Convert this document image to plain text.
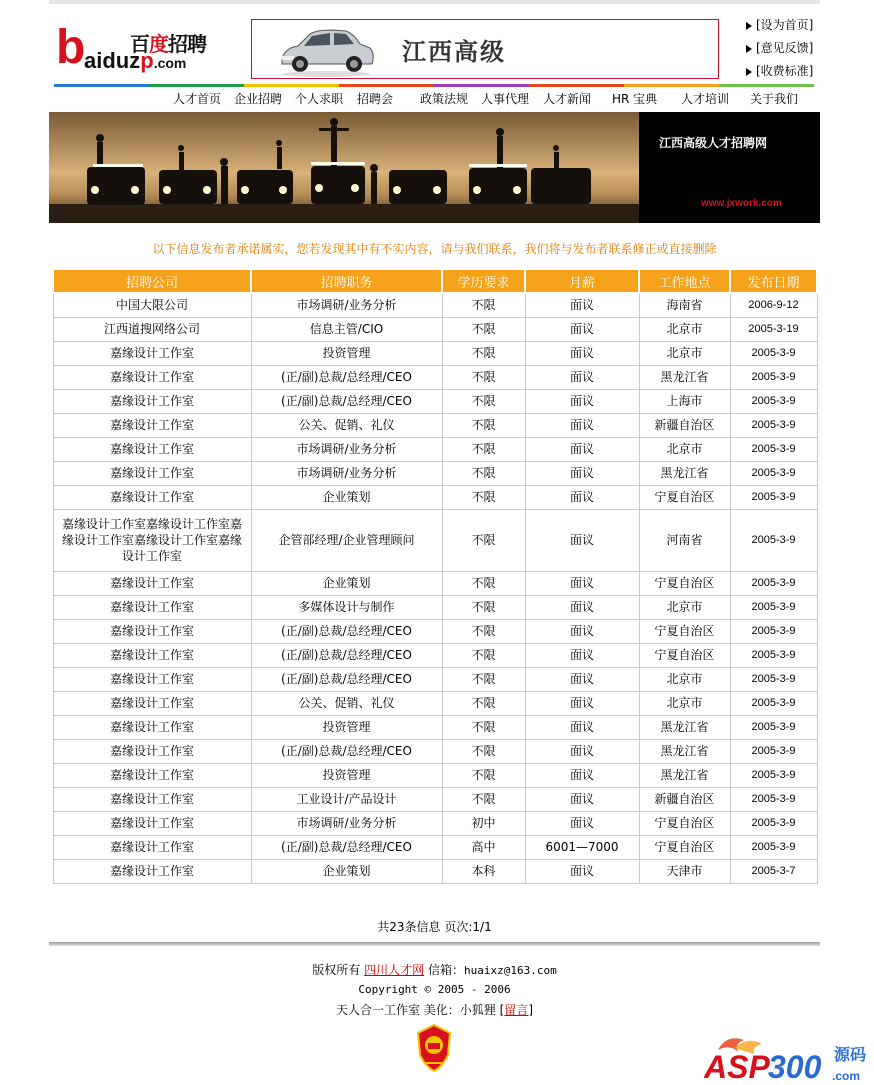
b 百度招聘
aiduzp.com	江西高级
[设为首页]
[意见反馈]
[收费标准]
人才首页 企业招聘 个人求职 招聘会 政策法规 人事代理 人才新闻 HR 宝典 人才培训 关于我们
江西高级人才招聘网
www.jxwork.com
以下信息发布者承诺属实，您若发现其中有不实内容，请与我们联系，我们将与发布者联系修正或直接删除
招聘公司	招聘职务	学历要求	月薪	工作地点	发布日期
中国大限公司	市场调研/业务分析	不限	面议	海南省	2006-9-12
江西道搜网络公司	信息主管/CIO	不限	面议	北京市	2005-3-19
嘉缘设计工作室	投资管理	不限	面议	北京市	2005-3-9
嘉缘设计工作室	(正/副)总裁/总经理/CEO	不限	面议	黑龙江省	2005-3-9
嘉缘设计工作室	(正/副)总裁/总经理/CEO	不限	面议	上海市	2005-3-9
嘉缘设计工作室	公关、促销、礼仪	不限	面议	新疆自治区	2005-3-9
嘉缘设计工作室	市场调研/业务分析	不限	面议	北京市	2005-3-9
嘉缘设计工作室	市场调研/业务分析	不限	面议	黑龙江省	2005-3-9
嘉缘设计工作室	企业策划	不限	面议	宁夏自治区	2005-3-9
嘉缘设计工作室嘉缘设计工作室嘉缘设计工作室嘉缘设计工作室嘉缘设计工作室	企管部经理/企业管理顾问	不限	面议	河南省	2005-3-9
嘉缘设计工作室	企业策划	不限	面议	宁夏自治区	2005-3-9
嘉缘设计工作室	多媒体设计与制作	不限	面议	北京市	2005-3-9
嘉缘设计工作室	(正/副)总裁/总经理/CEO	不限	面议	宁夏自治区	2005-3-9
嘉缘设计工作室	(正/副)总裁/总经理/CEO	不限	面议	宁夏自治区	2005-3-9
嘉缘设计工作室	(正/副)总裁/总经理/CEO	不限	面议	北京市	2005-3-9
嘉缘设计工作室	公关、促销、礼仪	不限	面议	北京市	2005-3-9
嘉缘设计工作室	投资管理	不限	面议	黑龙江省	2005-3-9
嘉缘设计工作室	(正/副)总裁/总经理/CEO	不限	面议	黑龙江省	2005-3-9
嘉缘设计工作室	投资管理	不限	面议	黑龙江省	2005-3-9
嘉缘设计工作室	工业设计/产品设计	不限	面议	新疆自治区	2005-3-9
嘉缘设计工作室	市场调研/业务分析	初中	面议	宁夏自治区	2005-3-9
嘉缘设计工作室	(正/副)总裁/总经理/CEO	高中	6001—7000	宁夏自治区	2005-3-9
嘉缘设计工作室	企业策划	本科	面议	天津市	2005-3-7
共23条信息 页次:1/1
版权所有 四川人才网 信箱：huaixz@163.com
Copyright © 2005 - 2006
天人合一工作室 美化：小狐狸 [留言]
ASP
300 源码
.com
